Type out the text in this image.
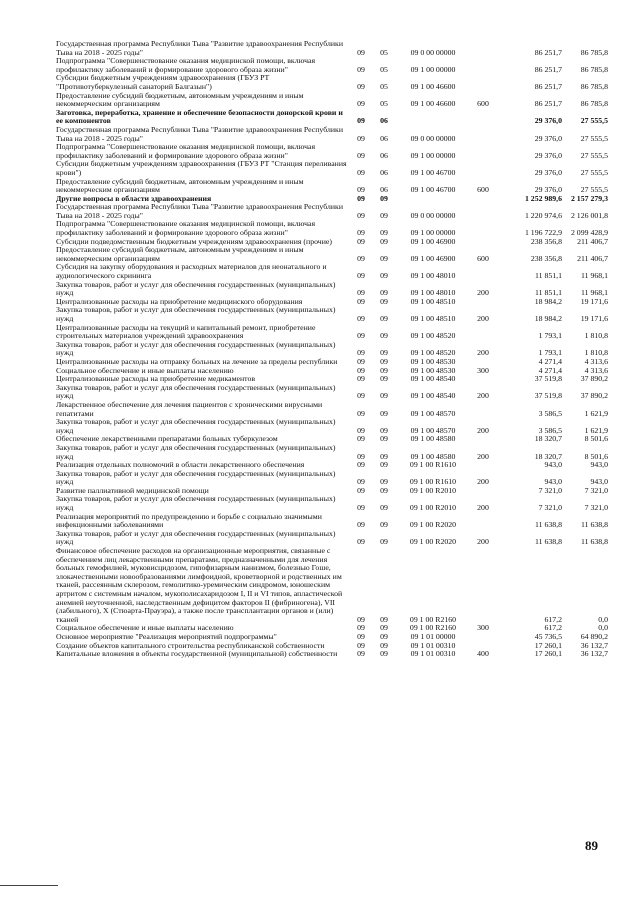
Государственная программа Республики Тыва "Развитие здравоохранения Республики Тыва на 2018 - 2025 годы"	09	05	09 0 00 00000		86 251,7	86 785,8
Подпрограмма "Совершенствование оказания медицинской помощи, включая профилактику заболеваний и формирование здорового образа жизни"	09	05	09 1 00 00000		86 251,7	86 785,8
Субсидии бюджетным учреждениям здравоохранения (ГБУЗ РТ "Противотуберкулезный санаторий Балгазын")	09	05	09 1 00 46600		86 251,7	86 785,8
Предоставление субсидий бюджетным, автономным учреждениям и иным некоммерческим организациям	09	05	09 1 00 46600	600	86 251,7	86 785,8
Заготовка, переработка, хранение и обеспечение безопасности донорской крови и ее компонентов	09	06			29 376,0	27 555,5
Государственная программа Республики Тыва "Развитие здравоохранения Республики Тыва на 2018 - 2025 годы"	09	06	09 0 00 00000		29 376,0	27 555,5
Подпрограмма "Совершенствование оказания медицинской помощи, включая профилактику заболеваний и формирование здорового образа жизни"	09	06	09 1 00 00000		29 376,0	27 555,5
Субсидии бюджетным учреждениям здравоохранения (ГБУЗ РТ "Станция переливания крови")	09	06	09 1 00 46700		29 376,0	27 555,5
Предоставление субсидий бюджетным, автономным учреждениям и иным некоммерческим организациям	09	06	09 1 00 46700	600	29 376,0	27 555,5
Другие вопросы в области здравоохранения	09	09			1 252 989,6	2 157 279,3
Государственная программа Республики Тыва "Развитие здравоохранения Республики Тыва на 2018 - 2025 годы"	09	09	09 0 00 00000		1 220 974,6	2 126 001,8
Подпрограмма "Совершенствование оказания медицинской помощи, включая профилактику заболеваний и формирование здорового образа жизни"	09	09	09 1 00 00000		1 196 722,9	2 099 428,9
Субсидии подведомственным бюджетным учреждениям здравоохранения (прочие)	09	09	09 1 00 46900		238 356,8	211 406,7
Предоставление субсидий бюджетным, автономным учреждениям и иным некоммерческим организациям	09	09	09 1 00 46900	600	238 356,8	211 406,7
Субсидия на закупку оборудования и расходных материалов для неонатального и аудиологического скрининга	09	09	09 1 00 48010		11 851,1	11 968,1
Закупка товаров, работ и услуг для обеспечения государственных (муниципальных) нужд	09	09	09 1 00 48010	200	11 851,1	11 968,1
Централизованные расходы на приобретение медицинского оборудования	09	09	09 1 00 48510		18 984,2	19 171,6
Закупка товаров, работ и услуг для обеспечения государственных (муниципальных) нужд	09	09	09 1 00 48510	200	18 984,2	19 171,6
Централизованные расходы на текущий и капитальный ремонт, приобретение строительных материалов учреждений здравоохранения	09	09	09 1 00 48520		1 793,1	1 810,8
Закупка товаров, работ и услуг для обеспечения государственных (муниципальных) нужд	09	09	09 1 00 48520	200	1 793,1	1 810,8
Централизованные расходы на отправку больных на лечение за пределы республики	09	09	09 1 00 48530		4 271,4	4 313,6
Социальное обеспечение и иные выплаты населению	09	09	09 1 00 48530	300	4 271,4	4 313,6
Централизованные расходы на приобретение медикаментов	09	09	09 1 00 48540		37 519,8	37 890,2
Закупка товаров, работ и услуг для обеспечения государственных (муниципальных) нужд	09	09	09 1 00 48540	200	37 519,8	37 890,2
Лекарственное обеспечение для лечения пациентов с хроническими вирусными гепатитами	09	09	09 1 00 48570		3 586,5	1 621,9
Закупка товаров, работ и услуг для обеспечения государственных (муниципальных) нужд	09	09	09 1 00 48570	200	3 586,5	1 621,9
Обеспечение лекарственными препаратами больных туберкулезом	09	09	09 1 00 48580		18 320,7	8 501,6
Закупка товаров, работ и услуг для обеспечения государственных (муниципальных) нужд	09	09	09 1 00 48580	200	18 320,7	8 501,6
Реализация отдельных полномочий в области лекарственного обеспечения	09	09	09 1 00 R1610		943,0	943,0
Закупка товаров, работ и услуг для обеспечения государственных (муниципальных) нужд	09	09	09 1 00 R1610	200	943,0	943,0
Развитие паллиативной медицинской помощи	09	09	09 1 00 R2010		7 321,0	7 321,0
Закупка товаров, работ и услуг для обеспечения государственных (муниципальных) нужд	09	09	09 1 00 R2010	200	7 321,0	7 321,0
Реализация мероприятий по предупреждению и борьбе с социально значимыми инфекционными заболеваниями	09	09	09 1 00 R2020		11 638,8	11 638,8
Закупка товаров, работ и услуг для обеспечения государственных (муниципальных) нужд	09	09	09 1 00 R2020	200	11 638,8	11 638,8
Финансовое обеспечение расходов на организационные мероприятия, связанные с обеспечением лиц лекарственными препаратами, предназначенными для лечения больных гемофилией, муковисцидозом, гипофизарным нанизмом, болезнью Гоше, злокачественными новообразованиями лимфоидной, кроветворной и родственных им тканей, рассеянным склерозом, гемолитико-уремическим синдромом, юношеским артритом с системным началом, мукополисахаридозом I, II и VI типов, апластической анемией неуточненной, наследственным дефицитом факторов II (фибриногена), VII (лабильного), X (Стюарта-Прауэра), а также после трансплантации органов и (или) тканей	09	09	09 1 00 R2160		617,2	0,0
Социальное обеспечение и иные выплаты населению	09	09	09 1 00 R2160	300	617,2	0,0
Основное мероприятие "Реализация мероприятий подпрограммы"	09	09	09 1 01 00000		45 736,5	64 890,2
Создание объектов капитального строительства республиканской собственности	09	09	09 1 01 00310		17 260,1	36 132,7
Капитальные вложения в объекты государственной (муниципальной) собственности	09	09	09 1 01 00310	400	17 260,1	36 132,7
89
